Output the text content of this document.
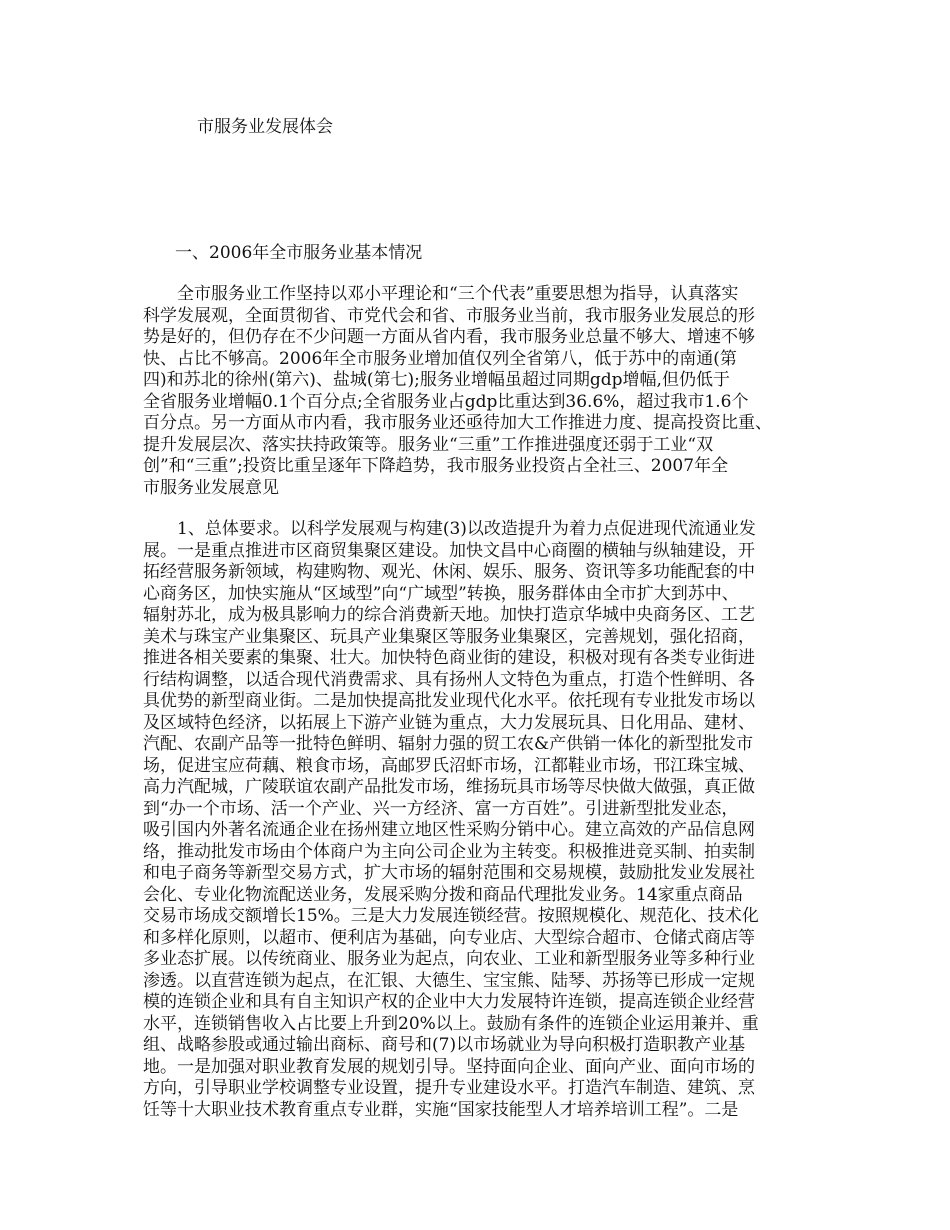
市服务业发展体会
一、2006年全市服务业基本情况

全市服务业工作坚持以邓小平理论和“三个代表”重要思想为指导，认真落实
科学发展观，全面贯彻省、市党代会和省、市服务业当前，我市服务业发展总的形
势是好的，但仍存在不少问题一方面从省内看，我市服务业总量不够大、增速不够
快、占比不够高。2006年全市服务业增加值仅列全省第八，低于苏中的南通(第
四)和苏北的徐州(第六)、盐城(第七);服务业增幅虽超过同期gdp增幅,但仍低于
全省服务业增幅0.1个百分点;全省服务业占gdp比重达到36.6%，超过我市1.6个
百分点。另一方面从市内看，我市服务业还亟待加大工作推进力度、提高投资比重、
提升发展层次、落实扶持政策等。服务业“三重”工作推进强度还弱于工业“双
创”和“三重”;投资比重呈逐年下降趋势，我市服务业投资占全社三、2007年全
市服务业发展意见

1、总体要求。以科学发展观与构建(3)以改造提升为着力点促进现代流通业发
展。一是重点推进市区商贸集聚区建设。加快文昌中心商圈的横轴与纵轴建设，开
拓经营服务新领域，构建购物、观光、休闲、娱乐、服务、资讯等多功能配套的中
心商务区，加快实施从“区域型”向“广域型”转换，服务群体由全市扩大到苏中、
辐射苏北，成为极具影响力的综合消费新天地。加快打造京华城中央商务区、工艺
美术与珠宝产业集聚区、玩具产业集聚区等服务业集聚区，完善规划，强化招商，
推进各相关要素的集聚、壮大。加快特色商业街的建设，积极对现有各类专业街进
行结构调整，以适合现代消费需求、具有扬州人文特色为重点，打造个性鲜明、各
具优势的新型商业街。二是加快提高批发业现代化水平。依托现有专业批发市场以
及区域特色经济，以拓展上下游产业链为重点，大力发展玩具、日化用品、建材、
汽配、农副产品等一批特色鲜明、辐射力强的贸工农&产供销一体化的新型批发市
场，促进宝应荷藕、粮食市场，高邮罗氏沼虾市场，江都鞋业市场，邗江珠宝城、
高力汽配城，广陵联谊农副产品批发市场，维扬玩具市场等尽快做大做强，真正做
到“办一个市场、活一个产业、兴一方经济、富一方百姓”。引进新型批发业态，
吸引国内外著名流通企业在扬州建立地区性采购分销中心。建立高效的产品信息网
络，推动批发市场由个体商户为主向公司企业为主转变。积极推进竞买制、拍卖制
和电子商务等新型交易方式，扩大市场的辐射范围和交易规模，鼓励批发业发展社
会化、专业化物流配送业务，发展采购分拨和商品代理批发业务。14家重点商品
交易市场成交额增长15%。三是大力发展连锁经营。按照规模化、规范化、技术化
和多样化原则，以超市、便利店为基础，向专业店、大型综合超市、仓储式商店等
多业态扩展。以传统商业、服务业为起点，向农业、工业和新型服务业等多种行业
渗透。以直营连锁为起点，在汇银、大德生、宝宝熊、陆琴、苏扬等已形成一定规
模的连锁企业和具有自主知识产权的企业中大力发展特许连锁，提高连锁企业经营
水平，连锁销售收入占比要上升到20%以上。鼓励有条件的连锁企业运用兼并、重
组、战略参股或通过输出商标、商号和(7)以市场就业为导向积极打造职教产业基
地。一是加强对职业教育发展的规划引导。坚持面向企业、面向产业、面向市场的
方向，引导职业学校调整专业设置，提升专业建设水平。打造汽车制造、建筑、烹
饪等十大职业技术教育重点专业群，实施“国家技能型人才培养培训工程”。二是
